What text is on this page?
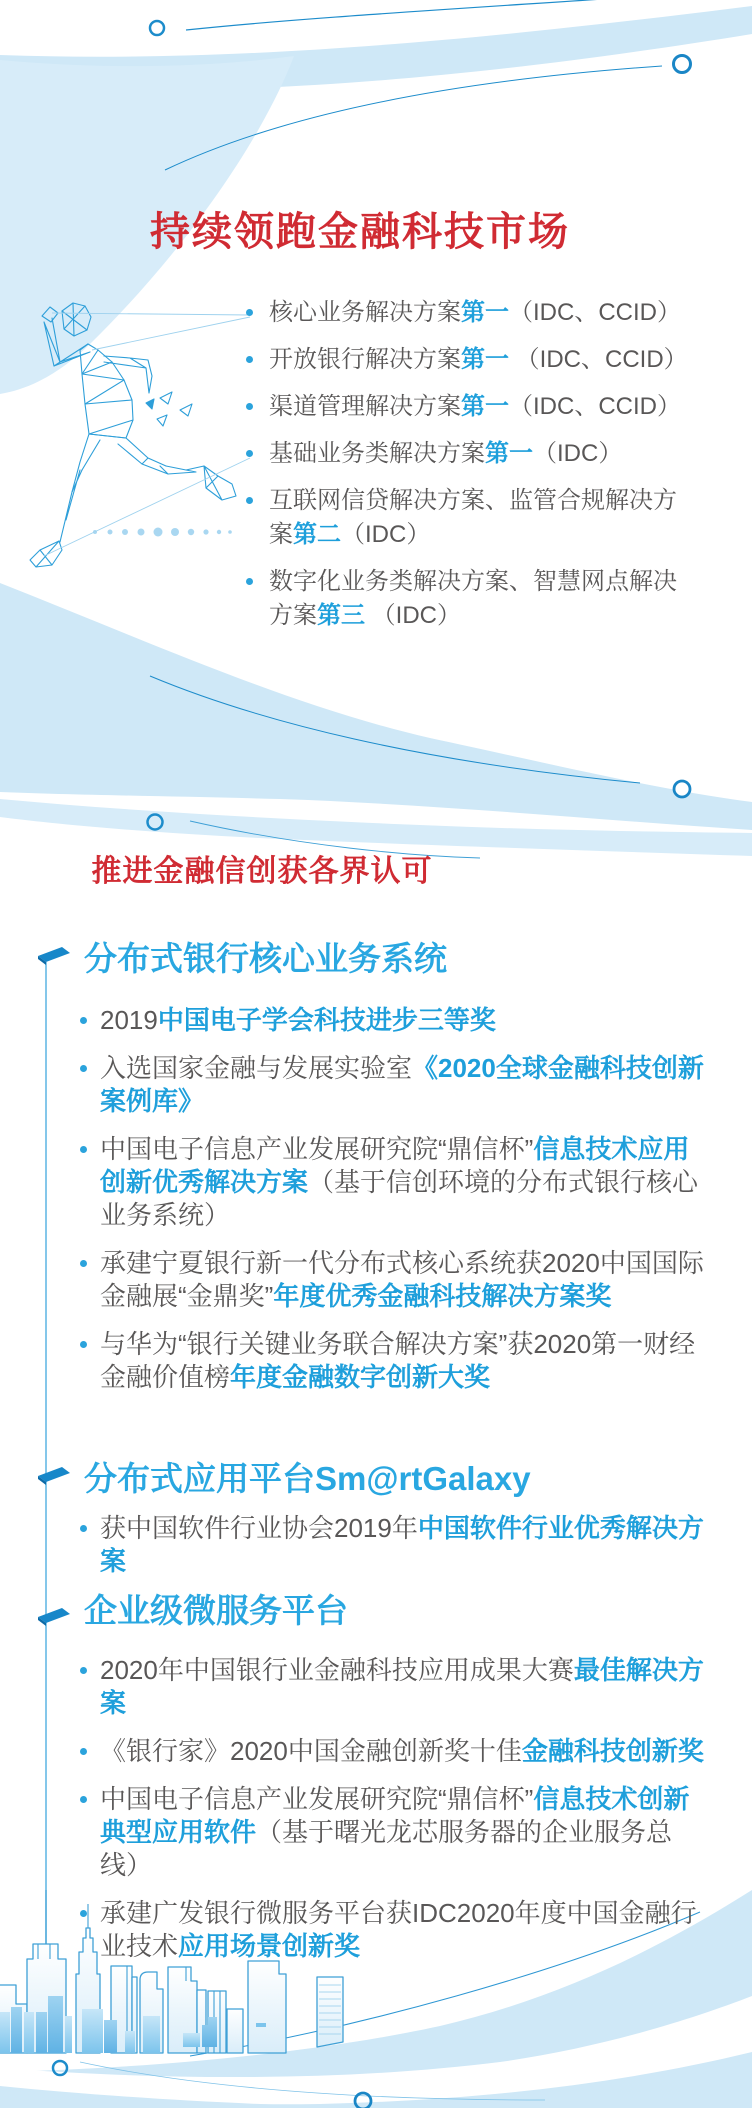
持续领跑金融科技市场
核心业务解决方案第一（IDC、CCID）
开放银行解决方案第一 （IDC、CCID）
渠道管理解决方案第一（IDC、CCID）
基础业务类解决方案第一（IDC）
互联网信贷解决方案、监管合规解决方案第二（IDC）
数字化业务类解决方案、智慧网点解决方案第三 （IDC）
推进金融信创获各界认可
分布式银行核心业务系统
2019中国电子学会科技进步三等奖
入选国家金融与发展实验室《2020全球金融科技创新案例库》
中国电子信息产业发展研究院“鼎信杯”信息技术应用创新优秀解决方案（基于信创环境的分布式银行核心业务系统）
承建宁夏银行新一代分布式核心系统获2020中国国际金融展“金鼎奖”年度优秀金融科技解决方案奖
与华为“银行关键业务联合解决方案”获2020第一财经金融价值榜年度金融数字创新大奖
分布式应用平台Sm@rtGalaxy
获中国软件行业协会2019年中国软件行业优秀解决方案
企业级微服务平台
2020年中国银行业金融科技应用成果大赛最佳解决方案
《银行家》2020中国金融创新奖十佳金融科技创新奖
中国电子信息产业发展研究院“鼎信杯”信息技术创新典型应用软件（基于曙光龙芯服务器的企业服务总线）
承建广发银行微服务平台获IDC2020年度中国金融行业技术应用场景创新奖
